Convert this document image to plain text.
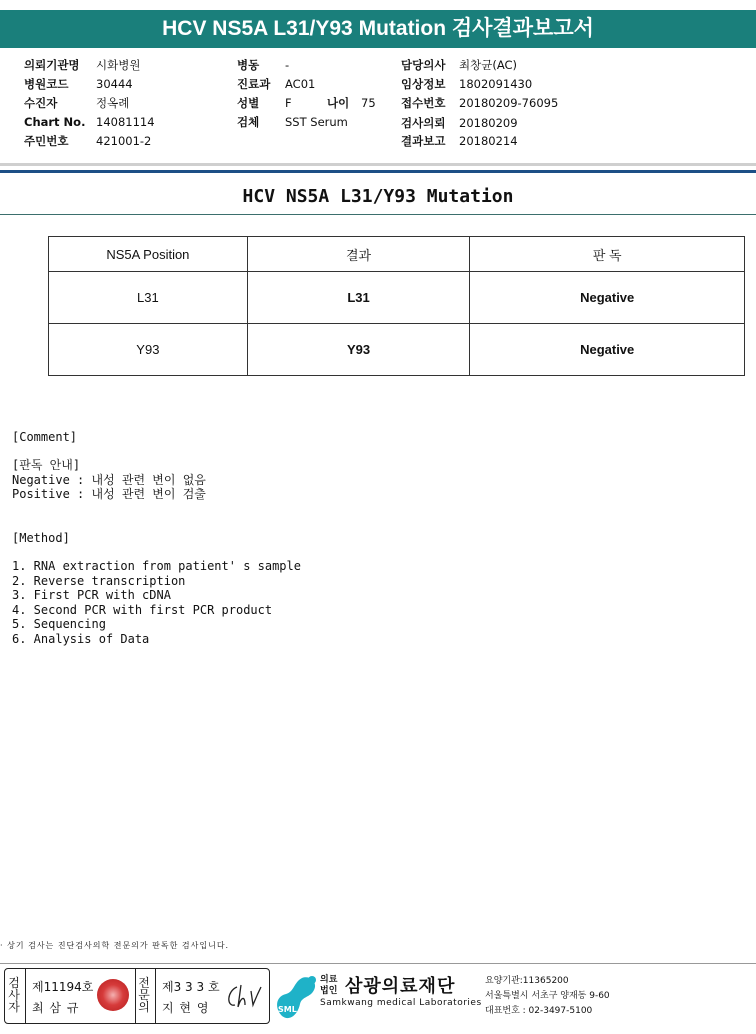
HCV NS5A L31/Y93 Mutation 검사결과보고서
의뢰기관명 시화병원
병원코드 30444
수진자	정옥례
Chart No. 14081114
주민번호 421001-2
병동 -
진료과 AC01
성별 F	나이 75
검체 SST Serum
담당의사 최창균(AC)
임상정보 1802091430
접수번호 20180209-76095
검사의뢰 20180209
결과보고 20180214
HCV NS5A L31/Y93 Mutation
NS5A Position	결과	판 독
L31	L31	Negative
Y93	Y93	Negative
[Comment]
[판독 안내]
Negative : 내성 관련 변이 없음
Positive : 내성 관련 변이 검출
[Method]
1. RNA extraction from patient' s sample
2. Reverse transcription
3. First PCR with cDNA
4. Second PCR with first PCR product
5. Sequencing
6. Analysis of Data
· 상기 검사는 진단검사의학 전문의가 판독한 검사입니다.
검
사
자
제11194호
최 삼 규
전
문
의
제3 3 3 호
지 현 영	SML
의료법인 삼광의료재단
Samkwang medical Laboratories
요양기관:11365200
서울특별시 서초구 양재동 9-60
대표번호 : 02-3497-5100
